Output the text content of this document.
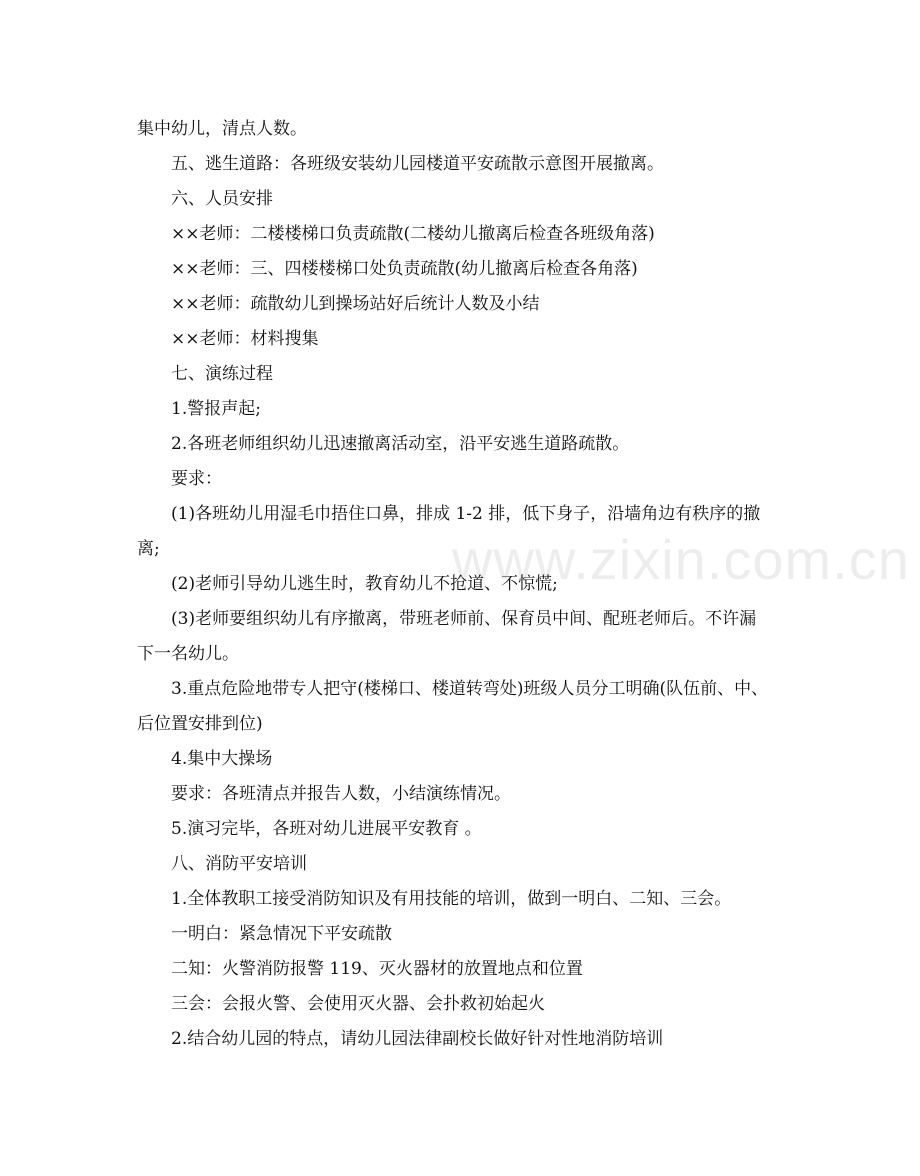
集中幼儿，清点人数。

五、逃生道路：各班级安装幼儿园楼道平安疏散示意图开展撤离。

六、人员安排

××老师：二楼楼梯口负责疏散(二楼幼儿撤离后检查各班级角落)

××老师：三、四楼楼梯口处负责疏散(幼儿撤离后检查各角落)

××老师：疏散幼儿到操场站好后统计人数及小结

××老师：材料搜集

七、演练过程

1.警报声起;

2.各班老师组织幼儿迅速撤离活动室，沿平安逃生道路疏散。

要求：

(1)各班幼儿用湿毛巾捂住口鼻，排成 1-2 排，低下身子，沿墙角边有秩序的撤

离;

(2)老师引导幼儿逃生时，教育幼儿不抢道、不惊慌;

(3)老师要组织幼儿有序撤离，带班老师前、保育员中间、配班老师后。不许漏

下一名幼儿。

3.重点危险地带专人把守(楼梯口、楼道转弯处)班级人员分工明确(队伍前、中、

后位置安排到位)

4.集中大操场

要求：各班清点并报告人数，小结演练情况。

5.演习完毕，各班对幼儿进展平安教育 。

八、消防平安培训

1.全体教职工接受消防知识及有用技能的培训，做到一明白、二知、三会。

一明白：紧急情况下平安疏散

二知：火警消防报警 119、灭火器材的放置地点和位置

三会：会报火警、会使用灭火器、会扑救初始起火

2.结合幼儿园的特点，请幼儿园法律副校长做好针对性地消防培训

www.zixin.com.cn
